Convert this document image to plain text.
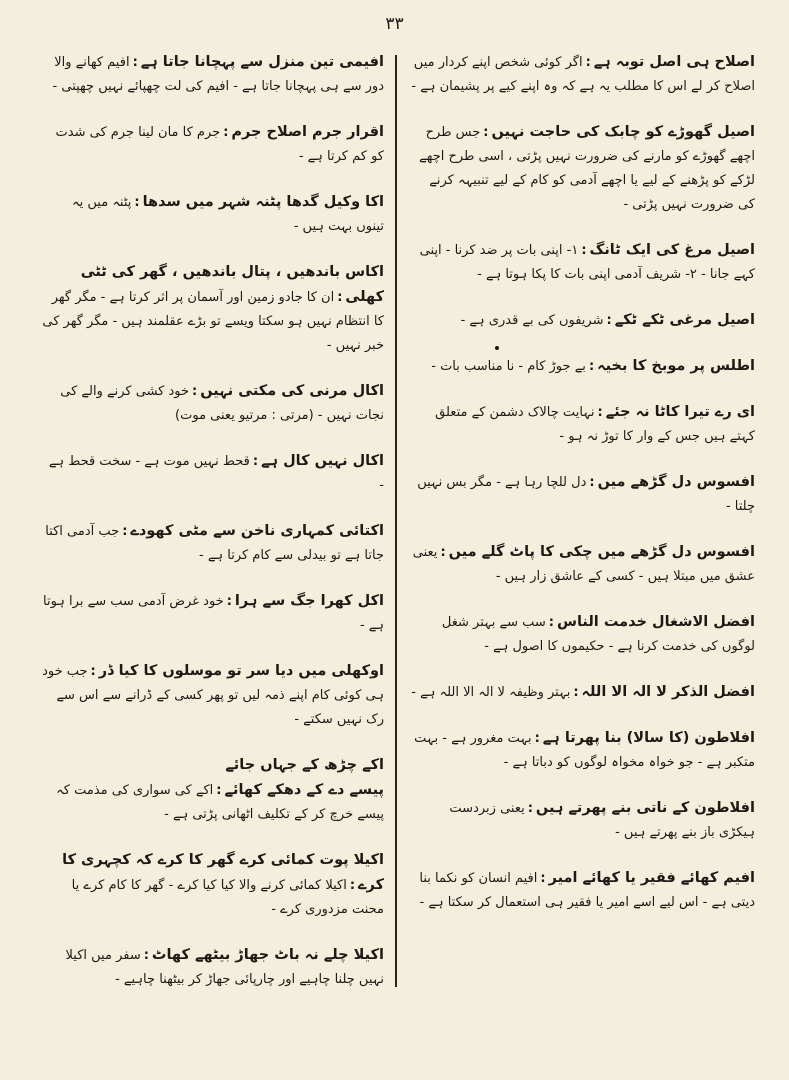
۳۳

اصلاح ہی اصل توبہ ہے:اگر کوئی شخص اپنے کردار میں اصلاح کر لے اس کا مطلب یہ ہے کہ وہ اپنے کیے پر پشیمان ہے -

اصیل گھوڑے کو چابک کی حاجت نہیں:جس طرح اچھے گھوڑے کو مارنے کی ضرورت نہیں پڑتی ، اسی طرح اچھے لڑکے کو پڑھنے کے لیے یا اچھے آدمی کو کام کے لیے تنبیہہ کرنے کی ضرورت نہیں پڑتی -

اصیل مرغ کی ایک ٹانگ:۱- اپنی بات پر ضد کرنا - اپنی کہے جانا - ۲- شریف آدمی اپنی بات کا پکا ہوتا ہے -

اصیل مرغی ٹکے ٹکے:شریفوں کی بے قدری ہے -

اطلس پر موبخ کا بخیہ:بے جوڑ کام - نا مناسب بات -

ای رے تیرا کاٹا نہ جئے:نہایت چالاک دشمن کے متعلق کہتے ہیں جس کے وار کا توڑ نہ ہو -

افسوس دل گڑھے میں:دل للچا رہا ہے - مگر بس نہیں چلتا -

افسوس دل گڑھے میں چکی کا پاٹ گلے میں:یعنی عشق میں مبتلا ہیں - کسی کے عاشق زار ہیں -

افضل الاشغال خدمت الناس:سب سے بہتر شغل لوگوں کی خدمت کرنا ہے - حکیموں کا اصول ہے -

افضل الذکر لا الہ الا اللہ:بہتر وظیفہ لا الہ الا اللہ ہے -

افلاطون (کا سالا) بنا پھرتا ہے:بہت مغرور ہے - بہت متکبر ہے - جو خواہ مخواہ لوگوں کو دباتا ہے -

افلاطون کے ناتی بنے پھرتے ہیں:یعنی زبردست ہیکڑی باز بنے پھرتے ہیں -

افیم کھائے فقیر یا کھائے امیر:افیم انسان کو نکما بنا دیتی ہے - اس لیے اسے امیر یا فقیر ہی استعمال کر سکتا ہے -

افیمی تین منزل سے پہچانا جاتا ہے:افیم کھانے والا دور سے ہی پہچانا جاتا ہے - افیم کی لت چھپائے نہیں چھپتی -

اقرار جرم اصلاح جرم:جرم کا مان لینا جرم کی شدت کو کم کرتا ہے -

اکا وکیل گدھا پٹنہ شہر میں سدھا:پٹنہ میں یہ تینوں بہت ہیں -

اکاس باندھیں ، پتال باندھیں ، گھر کی ٹٹی کھلی:ان کا جادو زمین اور آسمان پر اثر کرتا ہے - مگر گھر کا انتظام نہیں ہو سکتا ویسے تو بڑے عقلمند ہیں - مگر گھر کی خبر نہیں -

اکال مرنی کی مکتی نہیں:خود کشی کرنے والے کی نجات نہیں - (مرتی : مرتیو یعنی موت)

اکال نہیں کال ہے:قحط نہیں موت ہے - سخت قحط ہے -

اکتائی کمہاری ناخن سے مٹی کھودے:جب آدمی اکتا جاتا ہے تو بیدلی سے کام کرتا ہے -

اکل کھرا جگ سے ہرا:خود غرض آدمی سب سے برا ہوتا ہے -

اوکھلی میں دیا سر تو موسلوں کا کیا ڈر:جب خود ہی کوئی کام اپنے ذمہ لیں تو پھر کسی کے ڈرانے سے اس سے رک نہیں سکتے -

اکے چڑھ کے جہاں جائے
پیسے دے کے دھکے کھائے:اکے کی سواری کی مذمت کہ پیسے خرچ کر کے تکلیف اٹھانی پڑتی ہے -

اکیلا پوت کمائی کرے گھر کا کرے کہ کچہری کا کرے:اکیلا کمائی کرنے والا کیا کیا کرے - گھر کا کام کرے یا محنت مزدوری کرے -

اکیلا چلے نہ باٹ جھاڑ بیٹھے کھاٹ:سفر میں اکیلا نہیں چلنا چاہیے اور چارپائی جھاڑ کر بیٹھنا چاہیے -
